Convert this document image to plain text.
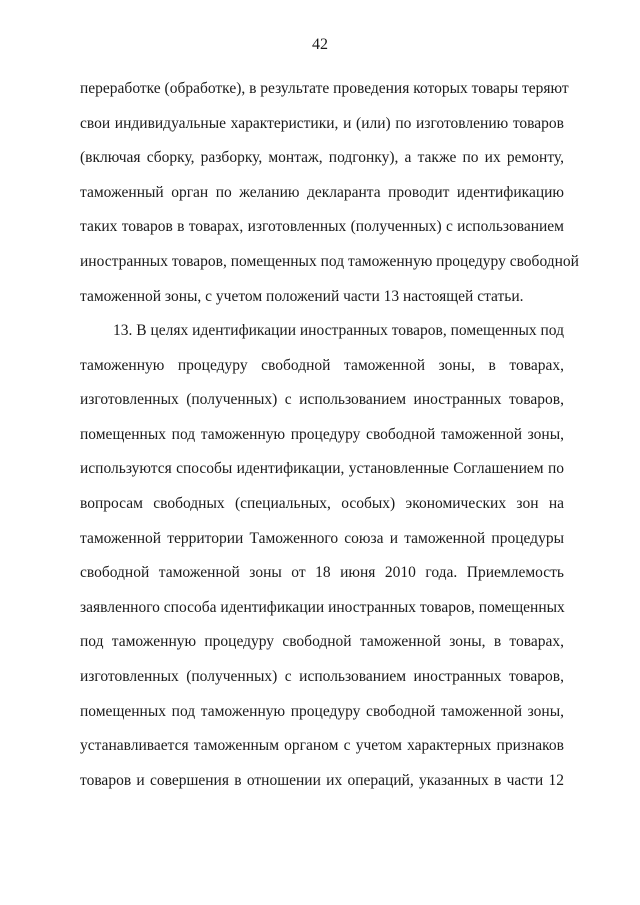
42
переработке (обработке), в результате проведения которых товары теряют
свои индивидуальные характеристики, и (или) по изготовлению товаров
(включая сборку, разборку, монтаж, подгонку), а также по их ремонту,
таможенный орган по желанию декларанта проводит идентификацию
таких товаров в товарах, изготовленных (полученных) с использованием
иностранных товаров, помещенных под таможенную процедуру свободной
таможенной зоны, с учетом положений части 13 настоящей статьи.
13. В целях идентификации иностранных товаров, помещенных под
таможенную процедуру свободной таможенной зоны, в товарах,
изготовленных (полученных) с использованием иностранных товаров,
помещенных под таможенную процедуру свободной таможенной зоны,
используются способы идентификации, установленные Соглашением по
вопросам свободных (специальных, особых) экономических зон на
таможенной территории Таможенного союза и таможенной процедуры
свободной таможенной зоны от 18 июня 2010 года. Приемлемость
заявленного способа идентификации иностранных товаров, помещенных
под таможенную процедуру свободной таможенной зоны, в товарах,
изготовленных (полученных) с использованием иностранных товаров,
помещенных под таможенную процедуру свободной таможенной зоны,
устанавливается таможенным органом с учетом характерных признаков
товаров и совершения в отношении их операций, указанных в части 12
